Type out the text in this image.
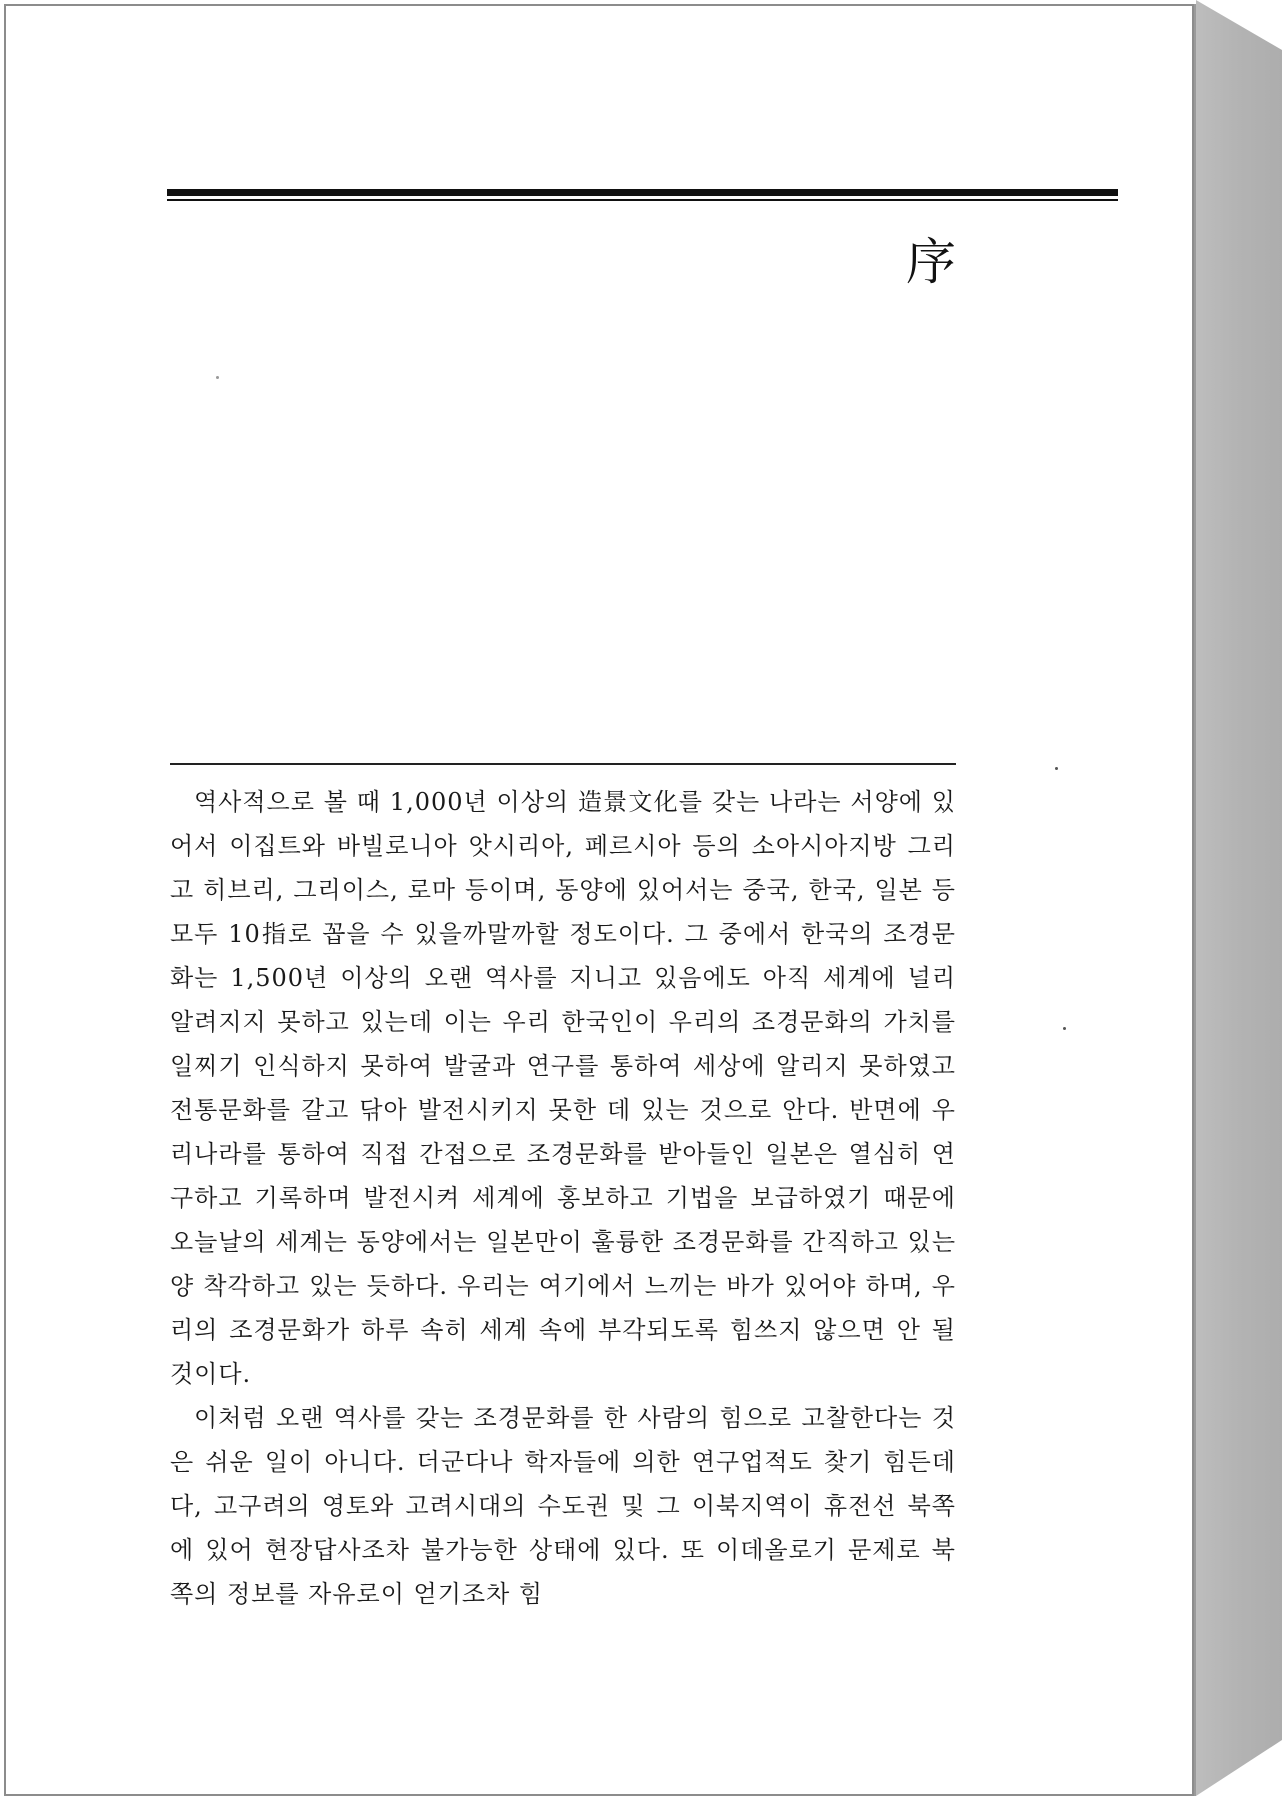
序

역사적으로 볼 때 1,000년 이상의 造景文化를 갖는 나라는 서양에 있어서 이집트와 바빌로니아 앗시리아, 페르시아 등의 소아시아지방 그리고 히브리, 그리이스, 로마 등이며, 동양에 있어서는 중국, 한국, 일본 등 모두 10指로 꼽을 수 있을까말까할 정도이다. 그 중에서 한국의 조경문화는 1,500년 이상의 오랜 역사를 지니고 있음에도 아직 세계에 널리 알려지지 못하고 있는데 이는 우리 한국인이 우리의 조경문화의 가치를 일찌기 인식하지 못하여 발굴과 연구를 통하여 세상에 알리지 못하였고 전통문화를 갈고 닦아 발전시키지 못한 데 있는 것으로 안다. 반면에 우리나라를 통하여 직접 간접으로 조경문화를 받아들인 일본은 열심히 연구하고 기록하며 발전시켜 세계에 홍보하고 기법을 보급하였기 때문에 오늘날의 세계는 동양에서는 일본만이 훌륭한 조경문화를 간직하고 있는 양 착각하고 있는 듯하다. 우리는 여기에서 느끼는 바가 있어야 하며, 우리의 조경문화가 하루 속히 세계 속에 부각되도록 힘쓰지 않으면 안 될 것이다.

이처럼 오랜 역사를 갖는 조경문화를 한 사람의 힘으로 고찰한다는 것은 쉬운 일이 아니다. 더군다나 학자들에 의한 연구업적도 찾기 힘든데다, 고구려의 영토와 고려시대의 수도권 및 그 이북지역이 휴전선 북쪽에 있어 현장답사조차 불가능한 상태에 있다. 또 이데올로기 문제로 북쪽의 정보를 자유로이 얻기조차 힘
